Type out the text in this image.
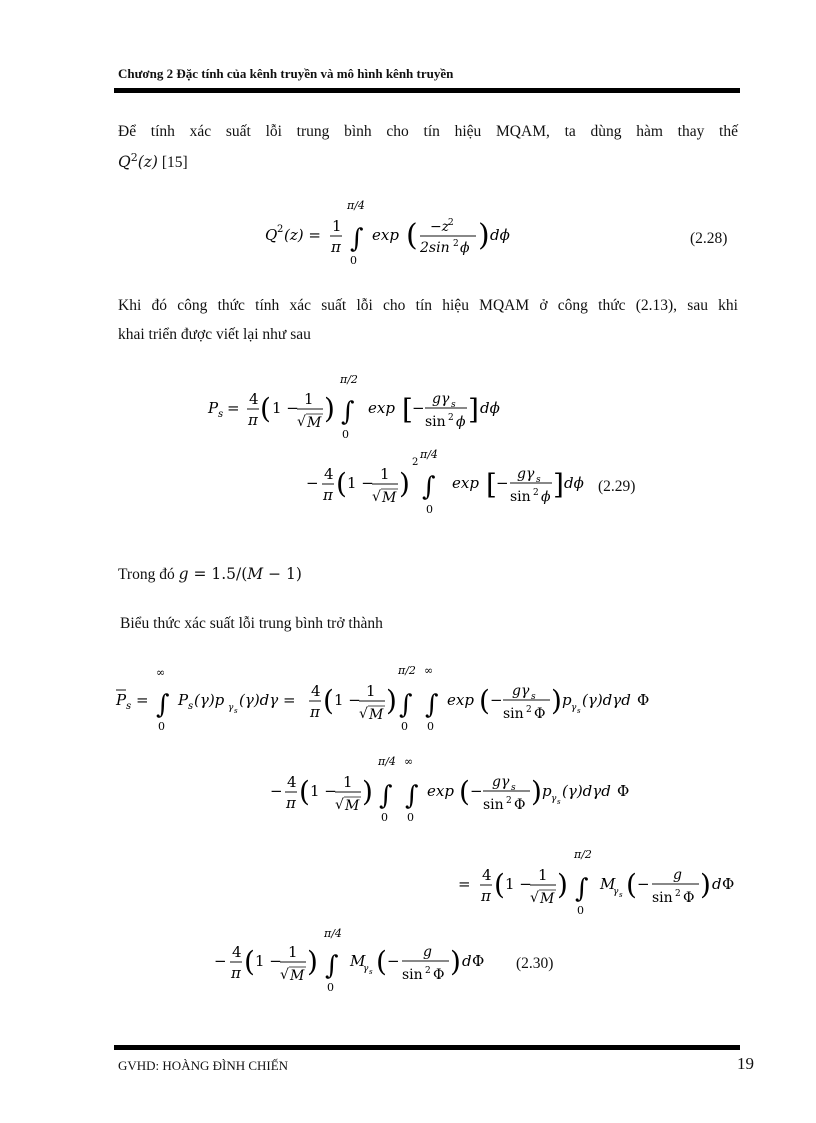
Chương 2 Đặc tính của kênh truyền và mô hình kênh truyền
Để tính xác suất lỗi trung bình cho tín hiệu MQAM, ta dùng hàm thay thế
$Q^2(z)$ [15]
Q 2 (z) = 1
π
π/4
∫
0
exp ( −z
2
2sin 2 ϕ ) dϕ	(2.28)
Khi đó công thức tính xác suất lỗi cho tín hiệu MQAM ở công thức (2.13), sau khi
khai triển được viết lại như sau
P s = 4
π ( 1 − 1
√ M )
π/2
∫
0
exp [ − gγ s
sin 2 ϕ ] dϕ
− 4
π ( 1 − 1
√ M )
2
π/4
∫
0
exp [ − gγ s
sin 2 ϕ ] dϕ (2.29)
Trong đó g = 1.5/(M − 1)
Biểu thức xác suất lỗi trung bình trở thành
P s =
∞
∫
0
P s (γ)p γ s
(γ)dγ = 4
π ( 1 − 1
√ M )
π/2
∫
0
∞
∫
0
exp ( − gγ s
sin 2 Φ ) p γ s
(γ)dγd Φ
− 4
π ( 1 − 1
√ M )
π/4
∫
0
∞
∫
0
exp ( − gγ s
sin 2 Φ ) p γ s
(γ)dγd Φ
= 4
π ( 1 − 1
√ M )
π/2
∫
0
M
γ s ( − g
sin 2 Φ ) d Φ
− 4
π ( 1 − 1
√ M )
π/4
∫
0
M
γ s ( − g
sin 2 Φ ) d Φ (2.30)
GVHD: HOÀNG ĐÌNH CHIẾN	19
